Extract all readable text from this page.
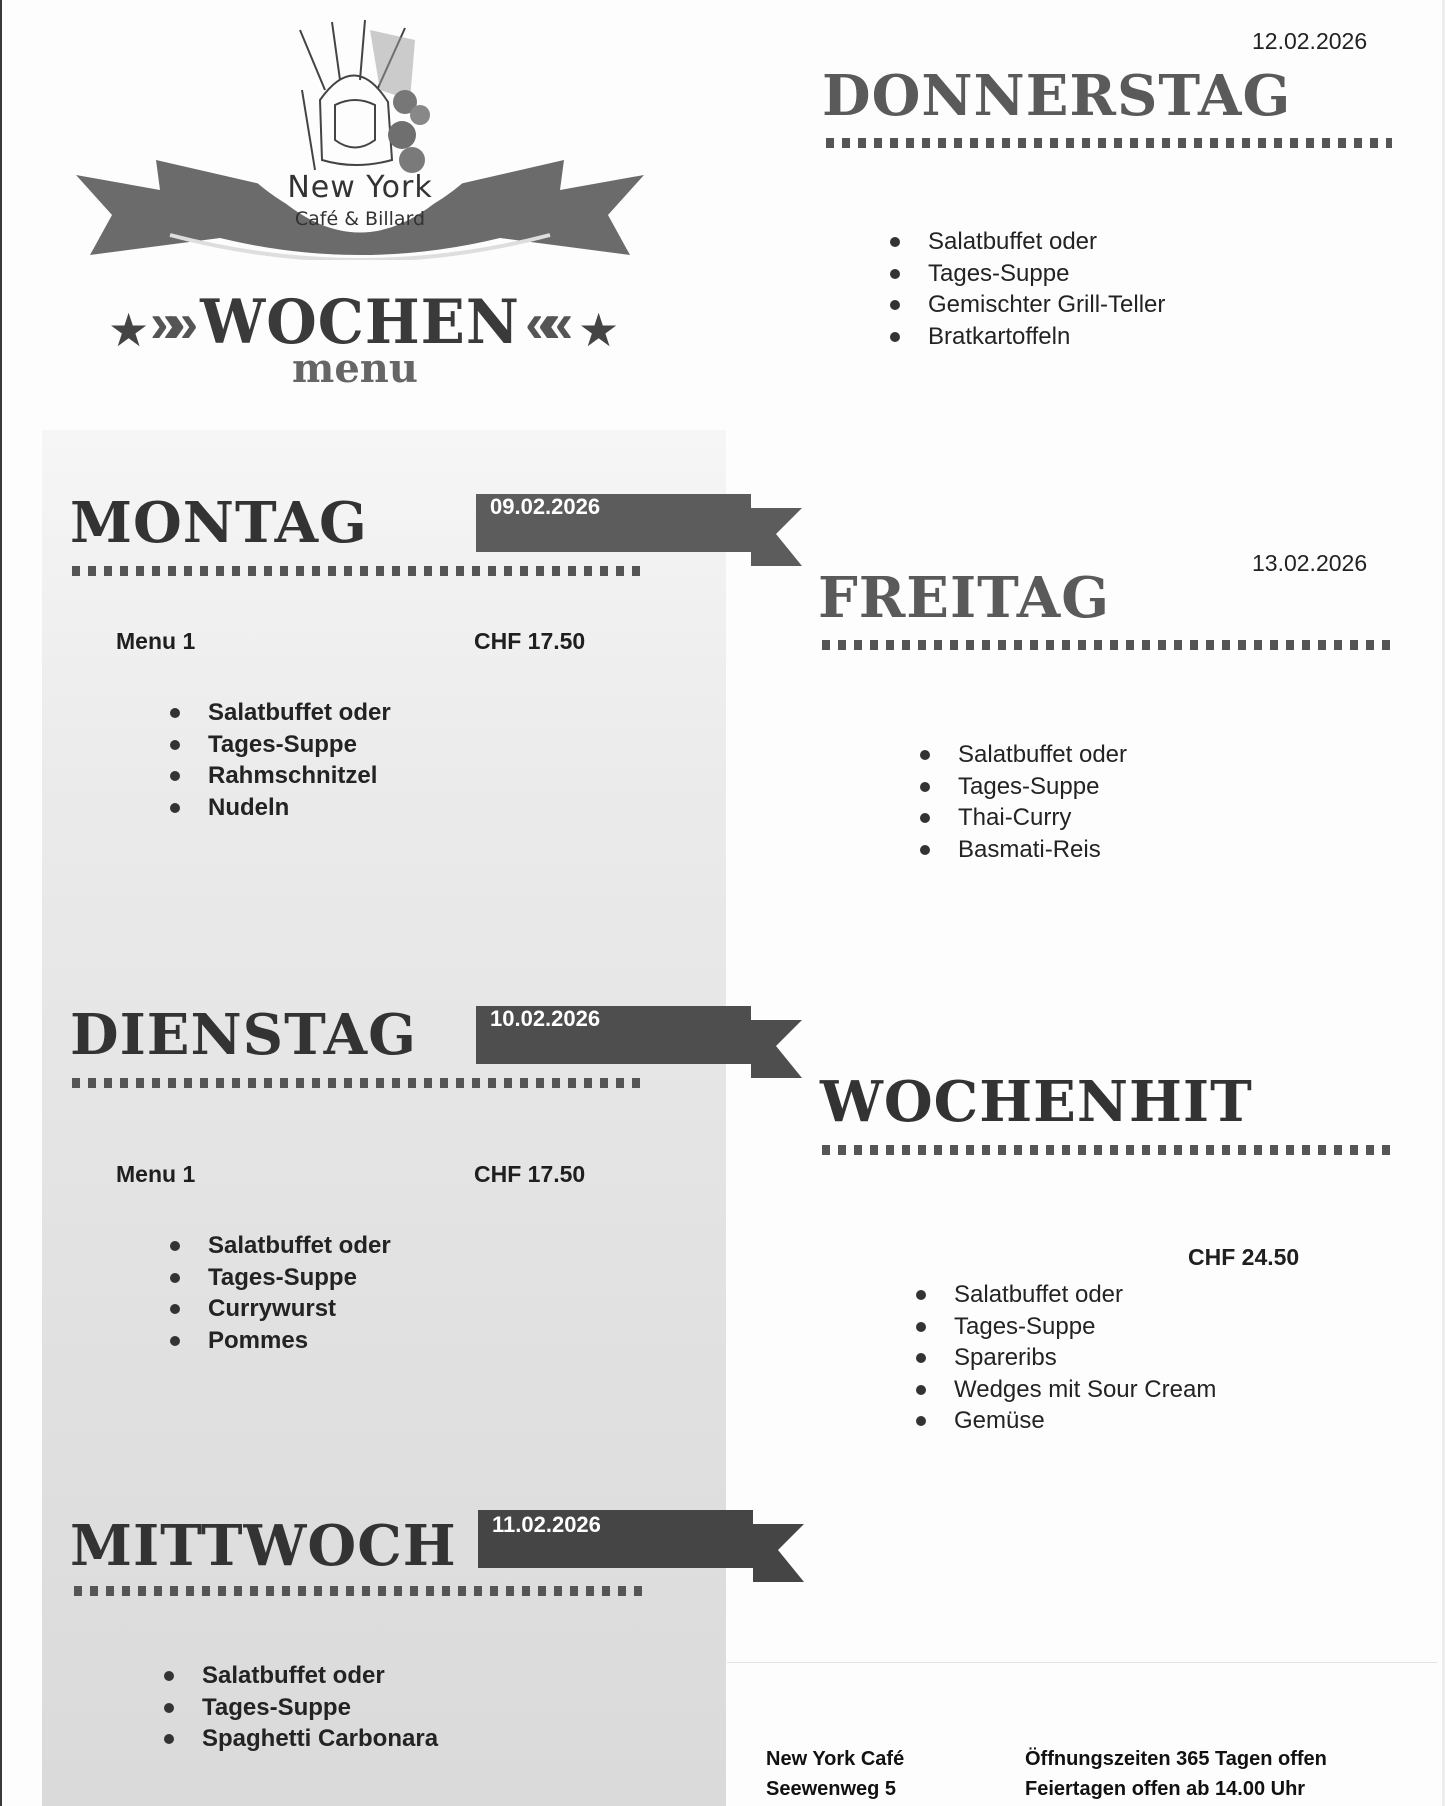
New York
Café & Billard
★ »» WOCHEN «« ★
menu
MONTAG	09.02.2026
Menu 1	CHF 17.50
Salatbuffet oder
Tages-Suppe
Rahmschnitzel
Nudeln
DIENSTAG	10.02.2026
Menu 1	CHF 17.50
Salatbuffet oder
Tages-Suppe
Currywurst
Pommes
MITTWOCH 11.02.2026
Salatbuffet oder
Tages-Suppe
Spaghetti Carbonara
12.02.2026
DONNERSTAG
Salatbuffet oder
Tages-Suppe
Gemischter Grill-Teller
Bratkartoffeln
13.02.2026
FREITAG
Salatbuffet oder
Tages-Suppe
Thai-Curry
Basmati-Reis
WOCHENHIT
CHF 24.50
Salatbuffet oder
Tages-Suppe
Spareribs
Wedges mit Sour Cream
Gemüse
New York Café
Seewenweg 5
Öffnungszeiten 365 Tagen offen
Feiertagen offen ab 14.00 Uhr
